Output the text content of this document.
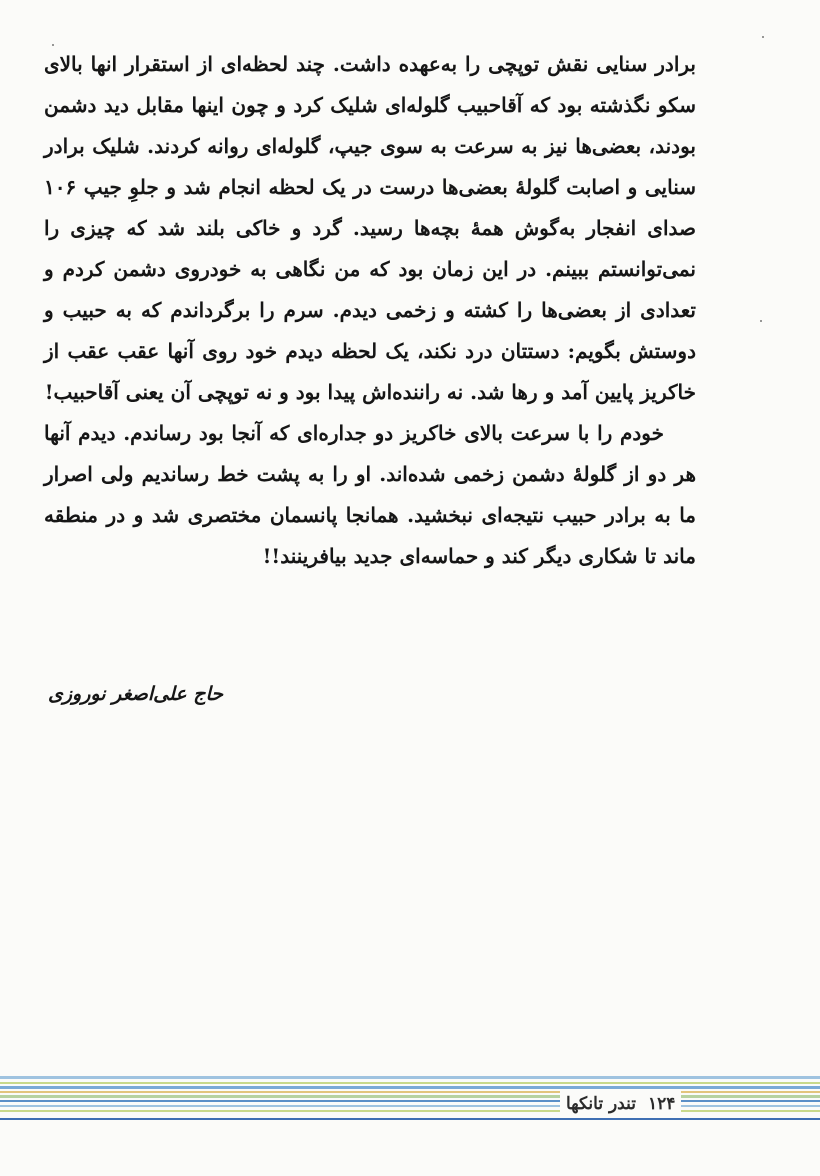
برادر سنایی نقش توپچی را به‌عهده داشت. چند لحظه‌ای از استقرار انها بالای سکو نگذشته بود که آقاحبیب گلوله‌ای شلیک کرد و چون اینها مقابل دید دشمن بودند، بعضی‌ها نیز به سرعت به سوی جیپ، گلوله‌ای روانه کردند. شلیک برادر سنایی و اصابت گلولهٔ بعضی‌ها درست در یک لحظه انجام شد و جلوِ جیپ ۱۰۶ صدای انفجار به‌گوش همهٔ بچه‌ها رسید. گرد و خاکی بلند شد که چیزی را نمی‌توانستم ببینم. در این زمان بود که من نگاهی به خودروی دشمن کردم و تعدادی از بعضی‌ها را کشته و زخمی دیدم. سرم را برگرداندم که به حبیب و دوستش بگویم: دستتان درد نکند، یک لحظه دیدم خود روی آنها عقب عقب از خاکریز پایین آمد و رها شد. نه راننده‌اش پیدا بود و نه توپچی آن یعنی آقاحبیب!

خودم را با سرعت بالای خاکریز دو جداره‌ای که آنجا بود رساندم. دیدم آنها هر دو از گلولهٔ دشمن زخمی شده‌اند. او را به پشت خط رساندیم ولی اصرار ما به برادر حبیب نتیجه‌ای نبخشید. همانجا پانسمان مختصری شد و در منطقه ماند تا شکاری دیگر کند و حماسه‌ای جدید بیافرینند!!

حاج علی‌اصغر نوروزی
۱۲۴تندر تانکها
